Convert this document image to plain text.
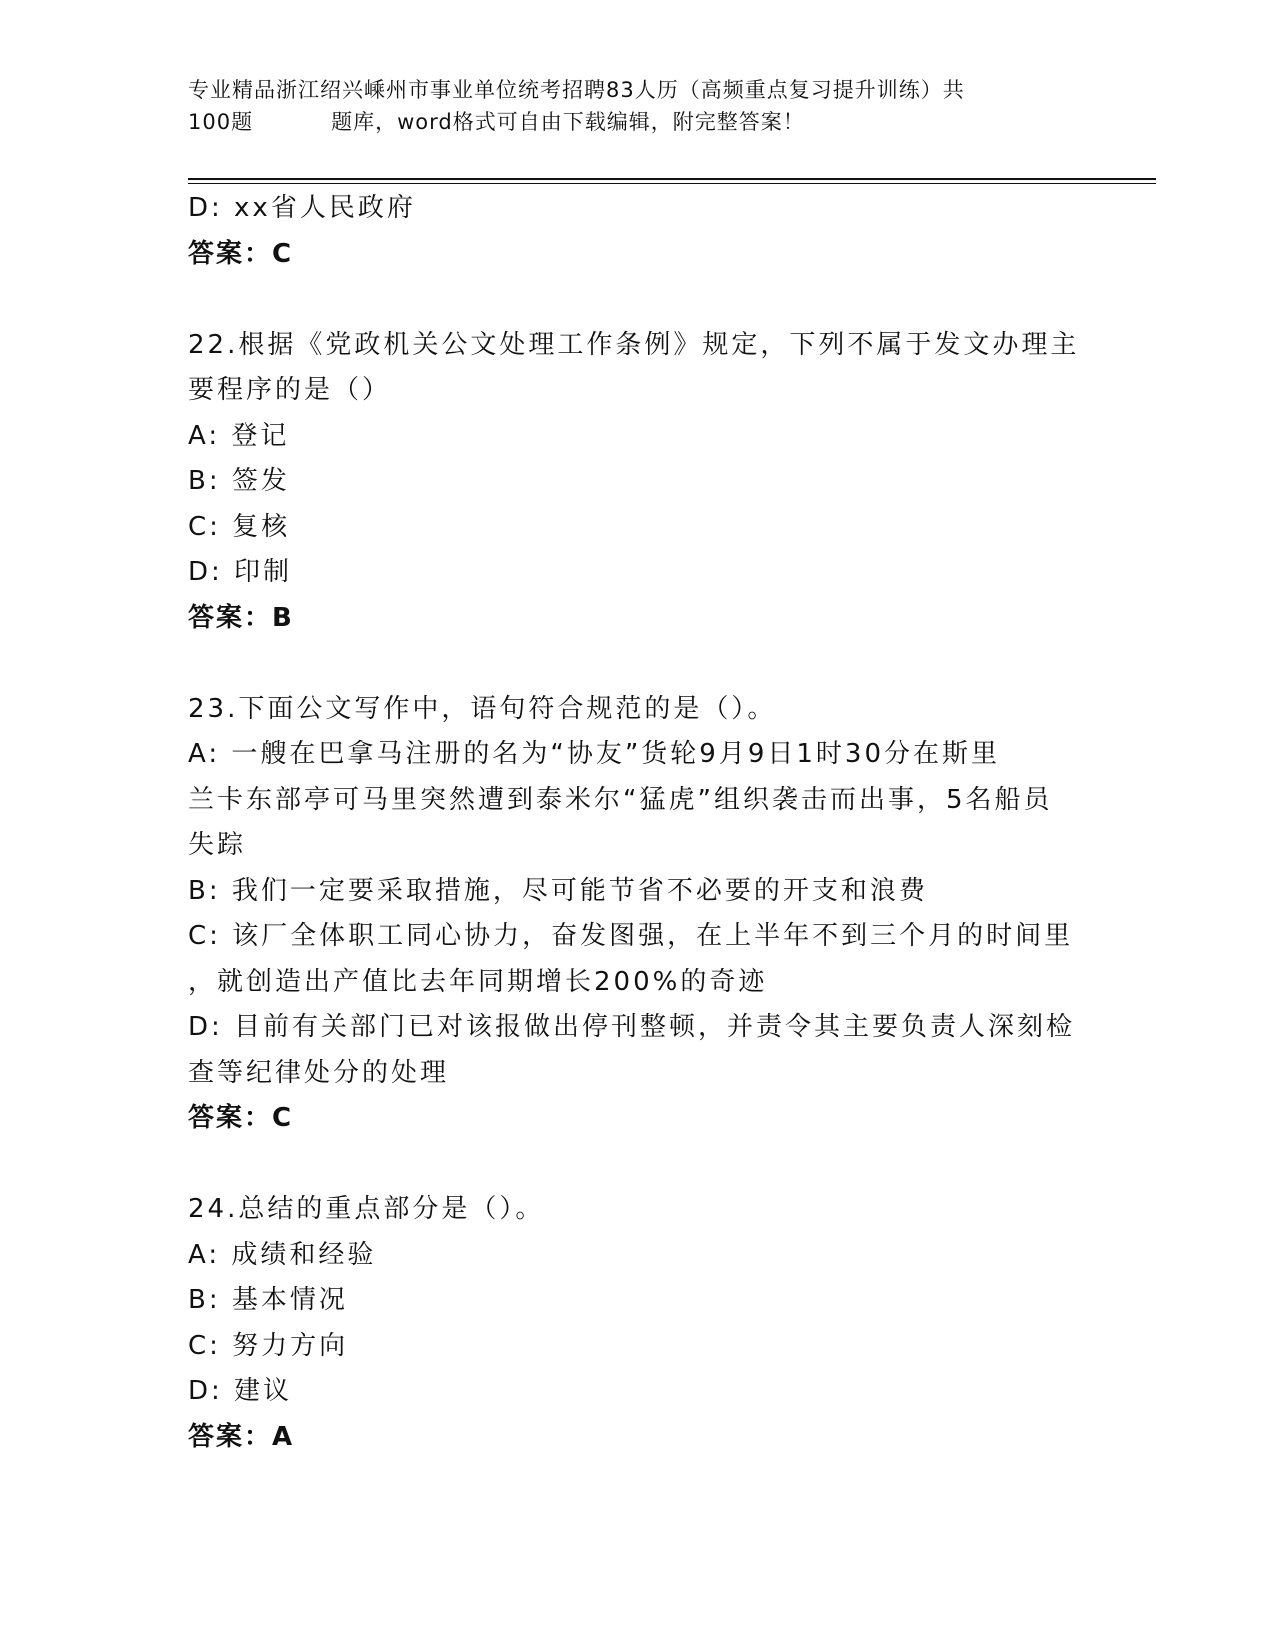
专业精品浙江绍兴嵊州市事业单位统考招聘83人历（高频重点复习提升训练）共
100题	题库，word格式可自由下载编辑，附完整答案！
D: xx省人民政府
答案：C
22.根据《党政机关公文处理工作条例》规定，下列不属于发文办理主
要程序的是（）
A: 登记
B: 签发
C: 复核
D: 印制
答案：B
23.下面公文写作中，语句符合规范的是（）。
A: 一艘在巴拿马注册的名为“协友”货轮9月9日1时30分在斯里
兰卡东部亭可马里突然遭到泰米尔“猛虎”组织袭击而出事，5名船员
失踪
B: 我们一定要采取措施，尽可能节省不必要的开支和浪费
C: 该厂全体职工同心协力，奋发图强，在上半年不到三个月的时间里
，就创造出产值比去年同期增长200%的奇迹
D: 目前有关部门已对该报做出停刊整顿，并责令其主要负责人深刻检
查等纪律处分的处理
答案：C
24.总结的重点部分是（）。
A: 成绩和经验
B: 基本情况
C: 努力方向
D: 建议
答案：A
